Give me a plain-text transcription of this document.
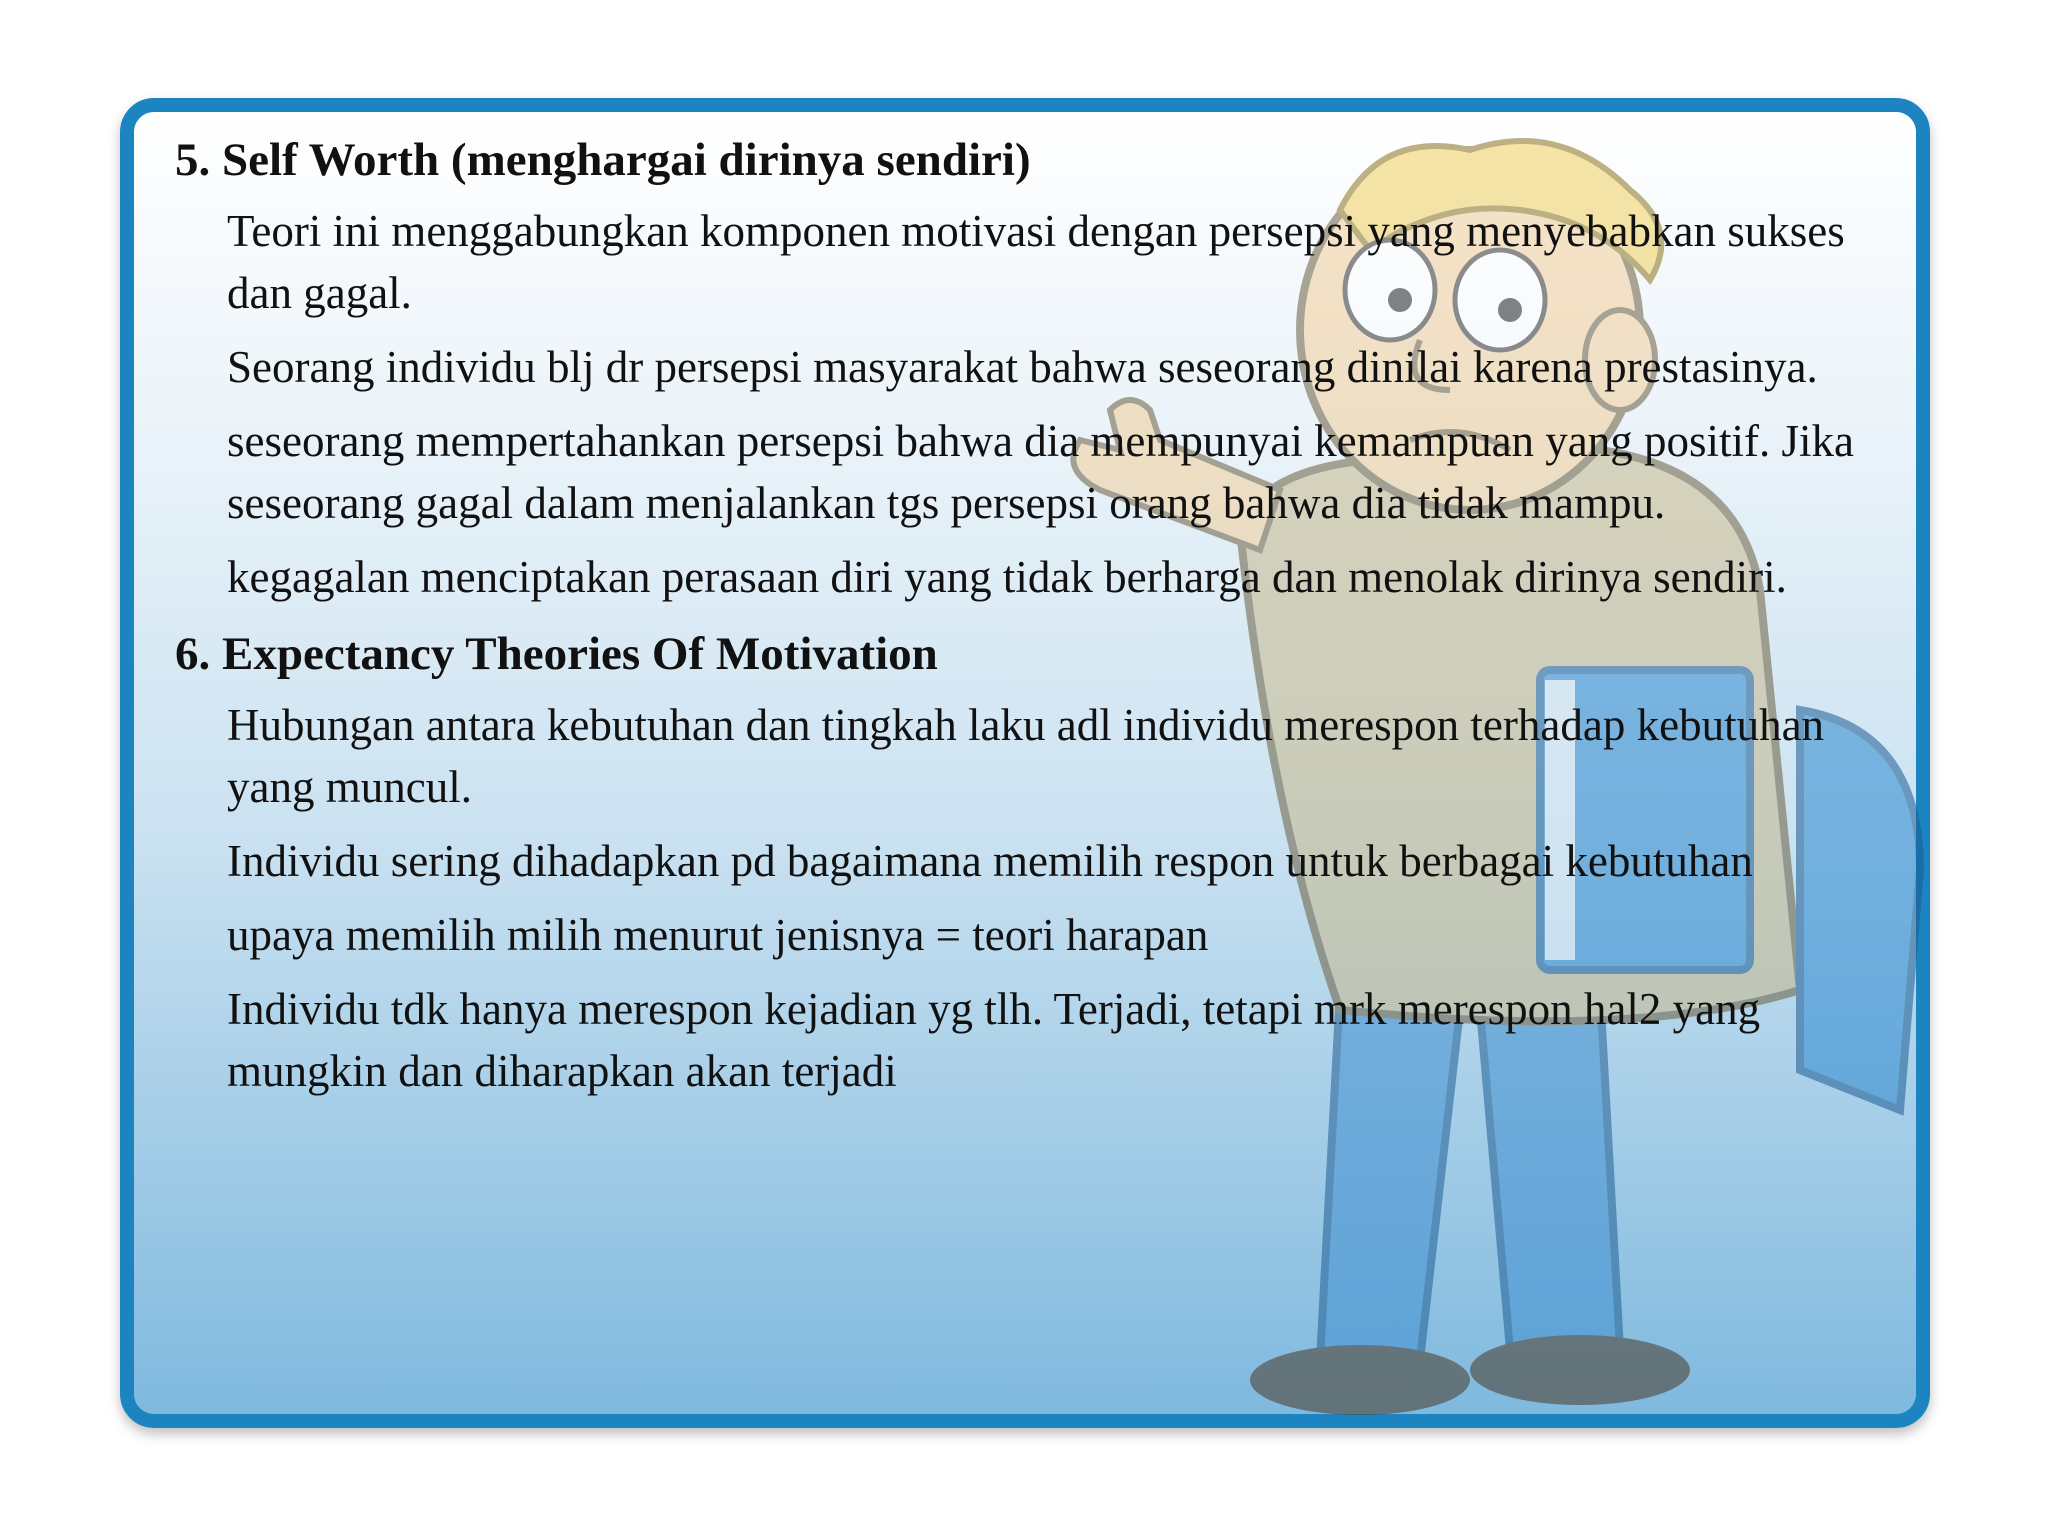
5. Self Worth (menghargai dirinya sendiri)
Teori ini menggabungkan komponen motivasi dengan persepsi yang menyebabkan sukses dan gagal.
Seorang individu blj dr persepsi masyarakat bahwa seseorang dinilai karena prestasinya.
seseorang mempertahankan persepsi bahwa dia mempunyai kemampuan yang positif. Jika seseorang gagal dalam menjalankan tgs persepsi orang bahwa dia tidak mampu.
kegagalan menciptakan perasaan diri yang tidak berharga dan menolak dirinya sendiri.
6. Expectancy Theories Of Motivation
Hubungan antara kebutuhan dan tingkah laku adl individu merespon terhadap kebutuhan yang muncul.
Individu sering dihadapkan pd bagaimana memilih respon untuk berbagai kebutuhan
upaya memilih milih menurut jenisnya = teori harapan
Individu tdk hanya merespon kejadian yg tlh. Terjadi, tetapi mrk merespon hal2 yang mungkin dan diharapkan akan terjadi
